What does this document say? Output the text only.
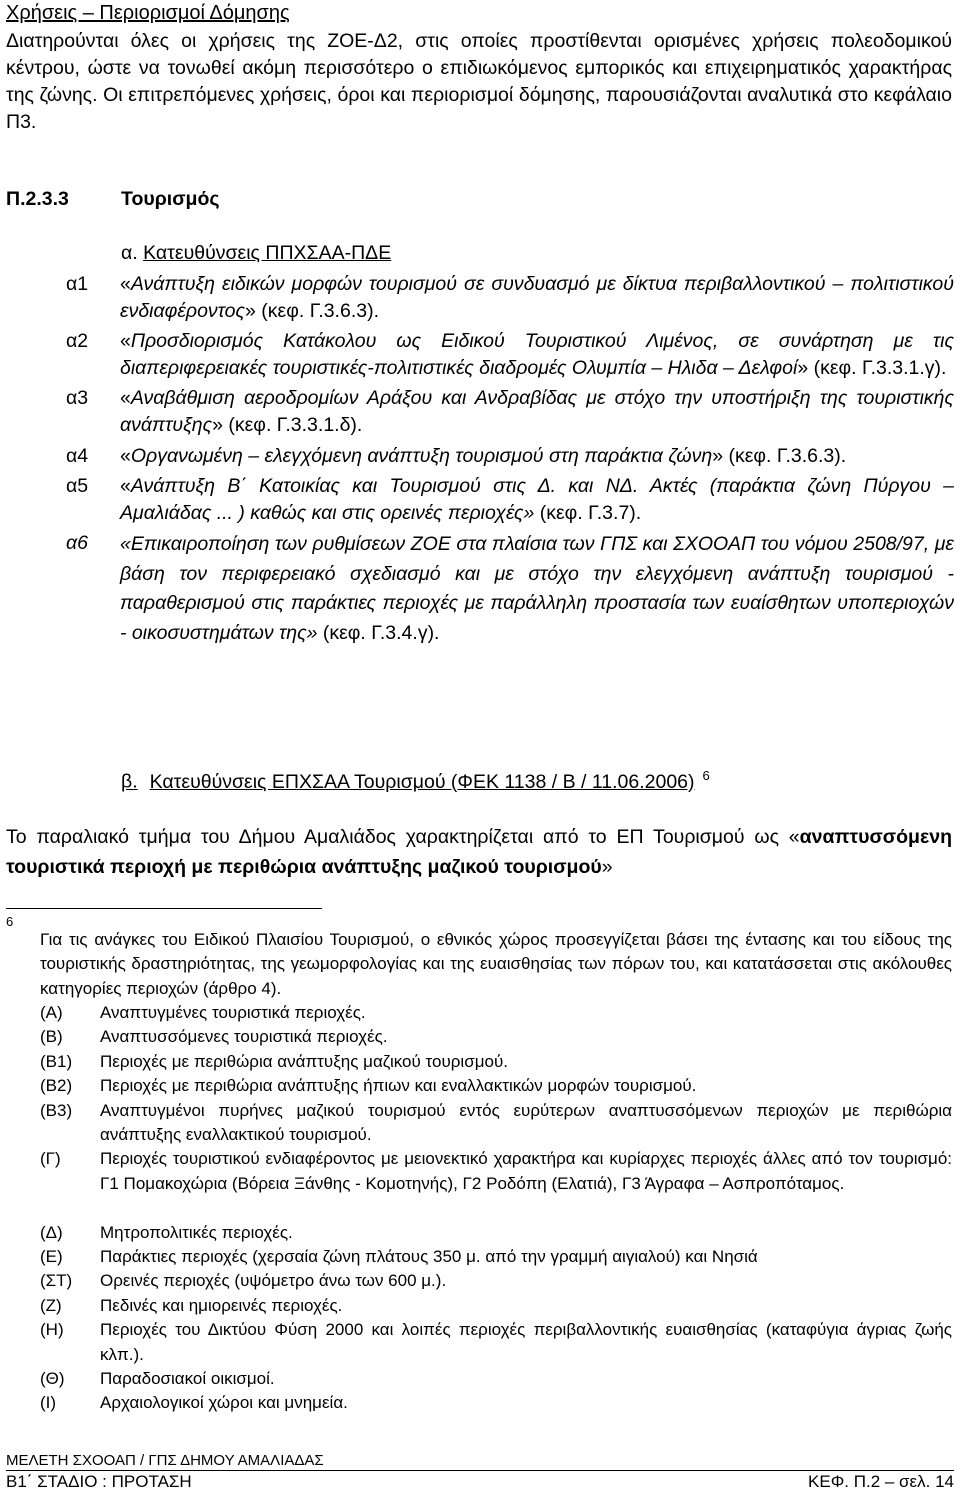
Χρήσεις – Περιορισμοί Δόμησης
Διατηρούνται όλες οι χρήσεις της ΖΟΕ-Δ2, στις οποίες προστίθενται ορισμένες χρήσεις πολεοδομικού κέντρου, ώστε να τονωθεί ακόμη περισσότερο ο επιδιωκόμενος εμπορικός και επιχειρηματικός χαρακτήρας της ζώνης. Οι επιτρεπόμενες χρήσεις, όροι και περιορισμοί δόμησης, παρουσιάζονται αναλυτικά στο κεφάλαιο Π3.
Π.2.3.3	Τουρισμός
α. Κατευθύνσεις ΠΠΧΣΑΑ-ΠΔΕ
α1 «Ανάπτυξη ειδικών μορφών τουρισμού σε συνδυασμό με δίκτυα περιβαλλοντικού – πολιτιστικού ενδιαφέροντος» (κεφ. Γ.3.6.3).
α2 «Προσδιορισμός Κατάκολου ως Ειδικού Τουριστικού Λιμένος, σε συνάρτηση με τις διαπεριφερειακές τουριστικές-πολιτιστικές διαδρομές Ολυμπία – Ηλιδα – Δελφοί» (κεφ. Γ.3.3.1.γ).
α3 «Αναβάθμιση αεροδρομίων Αράξου και Ανδραβίδας με στόχο την υποστήριξη της τουριστικής ανάπτυξης» (κεφ. Γ.3.3.1.δ).
α4 «Οργανωμένη – ελεγχόμενη ανάπτυξη τουρισμού στη παράκτια ζώνη» (κεφ. Γ.3.6.3).
α5 «Ανάπτυξη Β΄ Κατοικίας και Τουρισμού στις Δ. και ΝΔ. Ακτές (παράκτια ζώνη Πύργου – Αμαλιάδας ... ) καθώς και στις ορεινές περιοχές» (κεφ. Γ.3.7).
α6 «Επικαιροποίηση των ρυθμίσεων ΖΟΕ στα πλαίσια των ΓΠΣ και ΣΧΟΟΑΠ του νόμου 2508/97, με βάση τον περιφερειακό σχεδιασμό και με στόχο την ελεγχόμενη ανάπτυξη τουρισμού - παραθερισμού στις παράκτιες περιοχές με παράλληλη προστασία των ευαίσθητων υποπεριοχών - οικοσυστημάτων της» (κεφ. Γ.3.4.γ).
β. Κατευθύνσεις ΕΠΧΣΑΑ Τουρισμού (ΦΕΚ 1138 / Β / 11.06.2006) $^6$
Το παραλιακό τμήμα του Δήμου Αμαλιάδος χαρακτηρίζεται από το ΕΠ Τουρισμού ως «αναπτυσσόμενη τουριστικά περιοχή με περιθώρια ανάπτυξης μαζικού τουρισμού»
6
Για τις ανάγκες του Ειδικού Πλαισίου Τουρισμού, ο εθνικός χώρος προσεγγίζεται βάσει της έντασης και του είδους της τουριστικής δραστηριότητας, της γεωμορφολογίας και της ευαισθησίας των πόρων του, και κατατάσσεται στις ακόλουθες κατηγορίες περιοχών (άρθρο 4).
(Α) Αναπτυγμένες τουριστικά περιοχές.
(Β) Αναπτυσσόμενες τουριστικά περιοχές.
(Β1) Περιοχές με περιθώρια ανάπτυξης μαζικού τουρισμού.
(Β2) Περιοχές με περιθώρια ανάπτυξης ήπιων και εναλλακτικών μορφών τουρισμού.
(Β3) Αναπτυγμένοι πυρήνες μαζικού τουρισμού εντός ευρύτερων αναπτυσσόμενων περιοχών με περιθώρια ανάπτυξης εναλλακτικού τουρισμού.
(Γ) Περιοχές τουριστικού ενδιαφέροντος με μειονεκτικό χαρακτήρα και κυρίαρχες περιοχές άλλες από τον τουρισμό: Γ1 Πομακοχώρια (Βόρεια Ξάνθης - Κομοτηνής), Γ2 Ροδόπη (Ελατιά), Γ3 Άγραφα – Ασπροπόταμος.
(Δ) Μητροπολιτικές περιοχές.
(Ε) Παράκτιες περιοχές (χερσαία ζώνη πλάτους 350 μ. από την γραμμή αιγιαλού) και Νησιά
(ΣΤ) Ορεινές περιοχές (υψόμετρο άνω των 600 μ.).
(Ζ) Πεδινές και ημιορεινές περιοχές.
(Η) Περιοχές του Δικτύου Φύση 2000 και λοιπές περιοχές περιβαλλοντικής ευαισθησίας (καταφύγια άγριας ζωής κλπ.).
(Θ) Παραδοσιακοί οικισμοί.
(Ι)	Αρχαιολογικοί χώροι και μνημεία.
ΜΕΛΕΤΗ ΣΧΟΟΑΠ / ΓΠΣ ΔΗΜΟΥ ΑΜΑΛΙΑΔΑΣ
Β1΄ ΣΤΑΔΙΟ : ΠΡΟΤΑΣΗ	ΚΕΦ. Π.2 – σελ. 14
